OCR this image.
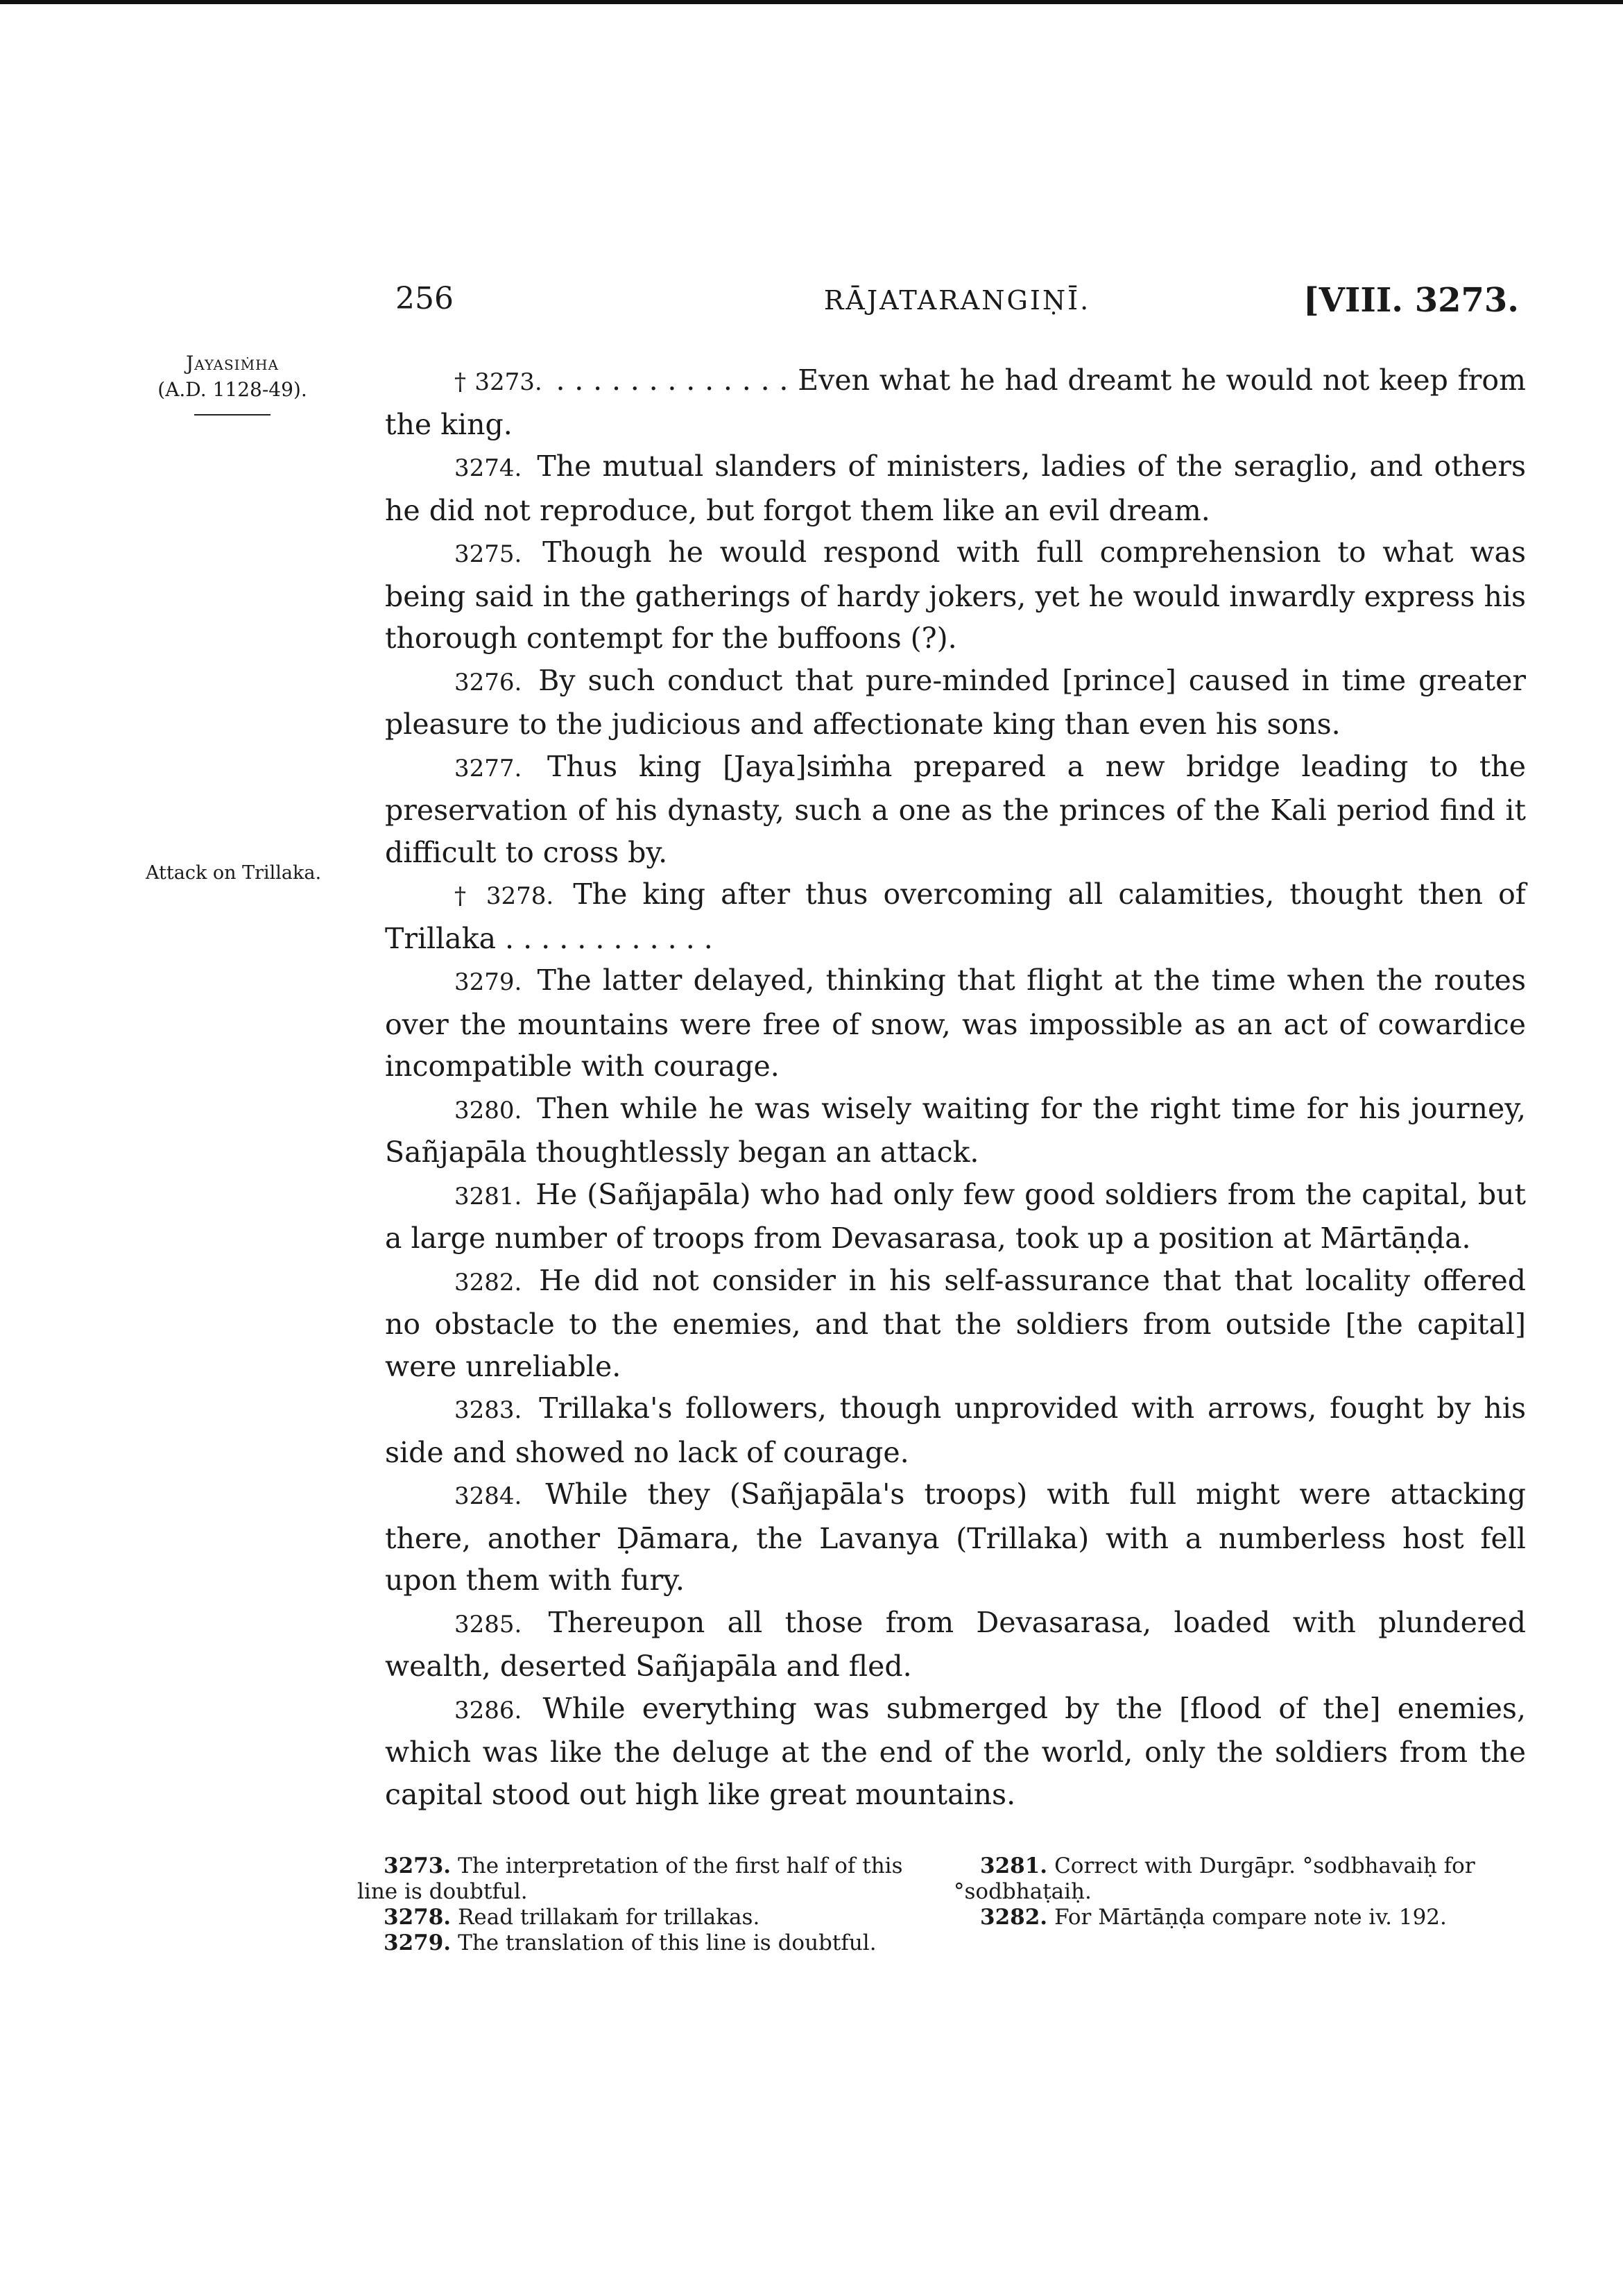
256	RĀJATARANGIṆĪ.	[VIII. 3273.
Jayasiṁha
(A.D. 1128-49).
Attack on Trillaka.

† 3273. . . . . . . . . . . . . . Even what he had dreamt he would not keep from the king.

3274. The mutual slanders of ministers, ladies of the seraglio, and others he did not reproduce, but forgot them like an evil dream.

3275. Though he would respond with full comprehension to what was being said in the gatherings of hardy jokers, yet he would inwardly express his thorough contempt for the buffoons (?).

3276. By such conduct that pure-minded [prince] caused in time greater pleasure to the judicious and affectionate king than even his sons.

3277. Thus king [Jaya]siṁha prepared a new bridge leading to the preservation of his dynasty, such a one as the princes of the Kali period find it difficult to cross by.

† 3278. The king after thus overcoming all calamities, thought then of Trillaka . . . . . . . . . . . .

3279. The latter delayed, thinking that flight at the time when the routes over the mountains were free of snow, was impossible as an act of cowardice incompatible with courage.

3280. Then while he was wisely waiting for the right time for his journey, Sañjapāla thoughtlessly began an attack.

3281. He (Sañjapāla) who had only few good soldiers from the capital, but a large number of troops from Devasarasa, took up a position at Mārtāṇḍa.

3282. He did not consider in his self-assurance that that locality offered no obstacle to the enemies, and that the soldiers from outside [the capital] were unreliable.

3283. Trillaka's followers, though unprovided with arrows, fought by his side and showed no lack of courage.

3284. While they (Sañjapāla's troops) with full might were attacking there, another Ḍāmara, the Lavanya (Trillaka) with a numberless host fell upon them with fury.

3285. Thereupon all those from Devasarasa, loaded with plundered wealth, deserted Sañjapāla and fled.

3286. While everything was submerged by the [flood of the] enemies, which was like the deluge at the end of the world, only the soldiers from the capital stood out high like great mountains.

3273. The interpretation of the first half of this line is doubtful.

3278. Read trillakaṁ for trillakas.

3279. The translation of this line is doubtful.

3281. Correct with Durgāpr. °sodbhavaiḥ for °sodbhaṭaiḥ.

3282. For Mārtāṇḍa compare note iv. 192.
